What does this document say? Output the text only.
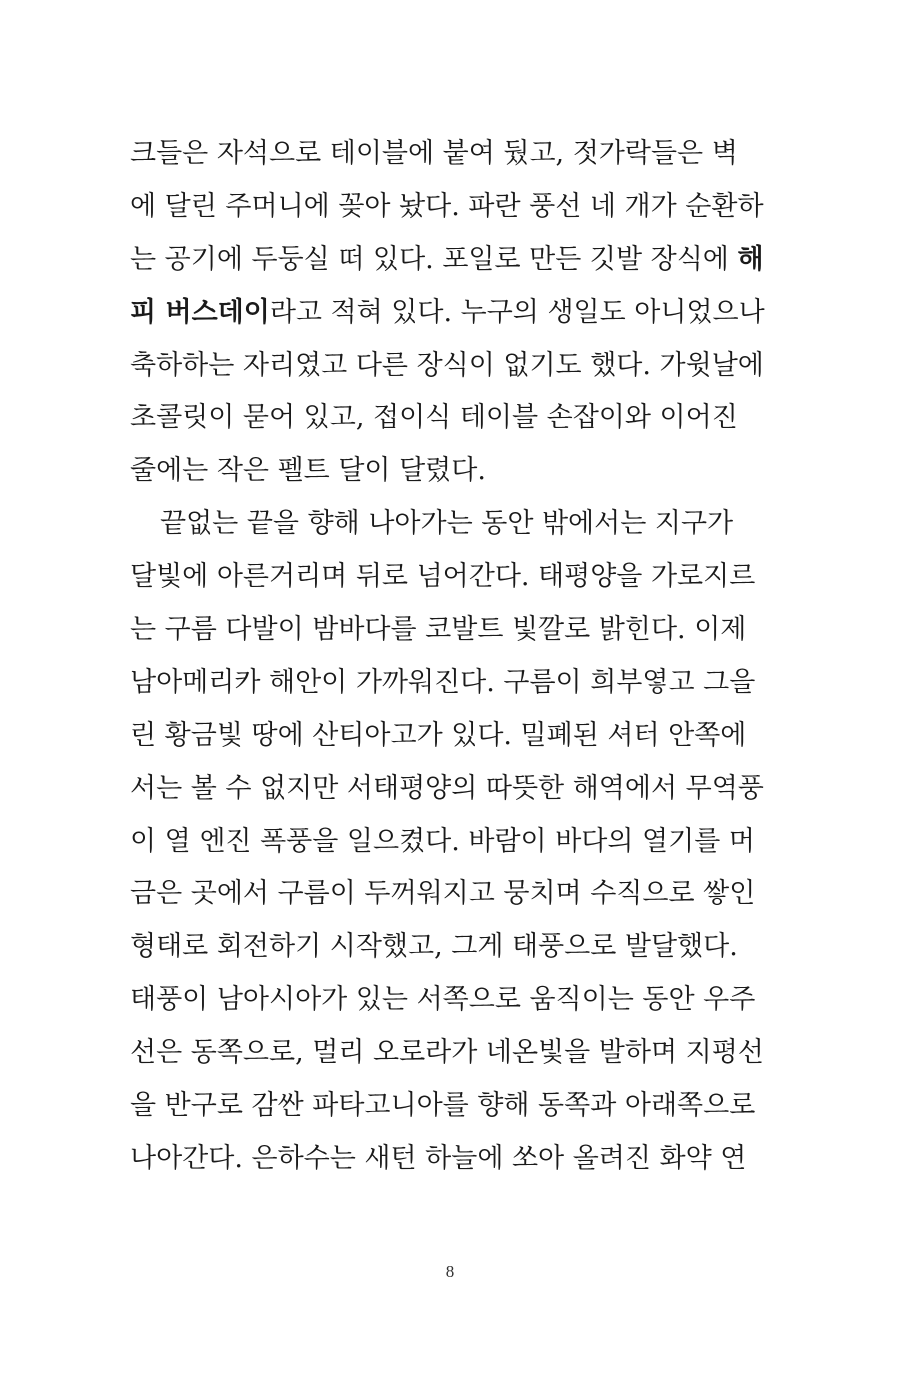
크들은 자석으로 테이블에 붙여 뒀고, 젓가락들은 벽
에 달린 주머니에 꽂아 놨다. 파란 풍선 네 개가 순환하
는 공기에 두둥실 떠 있다. 포일로 만든 깃발 장식에 해
피 버스데이라고 적혀 있다. 누구의 생일도 아니었으나
축하하는 자리였고 다른 장식이 없기도 했다. 가윗날에
초콜릿이 묻어 있고, 접이식 테이블 손잡이와 이어진
줄에는 작은 펠트 달이 달렸다.
끝없는 끝을 향해 나아가는 동안 밖에서는 지구가
달빛에 아른거리며 뒤로 넘어간다. 태평양을 가로지르
는 구름 다발이 밤바다를 코발트 빛깔로 밝힌다. 이제
남아메리카 해안이 가까워진다. 구름이 희부옇고 그을
린 황금빛 땅에 산티아고가 있다. 밀폐된 셔터 안쪽에
서는 볼 수 없지만 서태평양의 따뜻한 해역에서 무역풍
이 열 엔진 폭풍을 일으켰다. 바람이 바다의 열기를 머
금은 곳에서 구름이 두꺼워지고 뭉치며 수직으로 쌓인
형태로 회전하기 시작했고, 그게 태풍으로 발달했다.
태풍이 남아시아가 있는 서쪽으로 움직이는 동안 우주
선은 동쪽으로, 멀리 오로라가 네온빛을 발하며 지평선
을 반구로 감싼 파타고니아를 향해 동쪽과 아래쪽으로
나아간다. 은하수는 새턴 하늘에 쏘아 올려진 화약 연
8
